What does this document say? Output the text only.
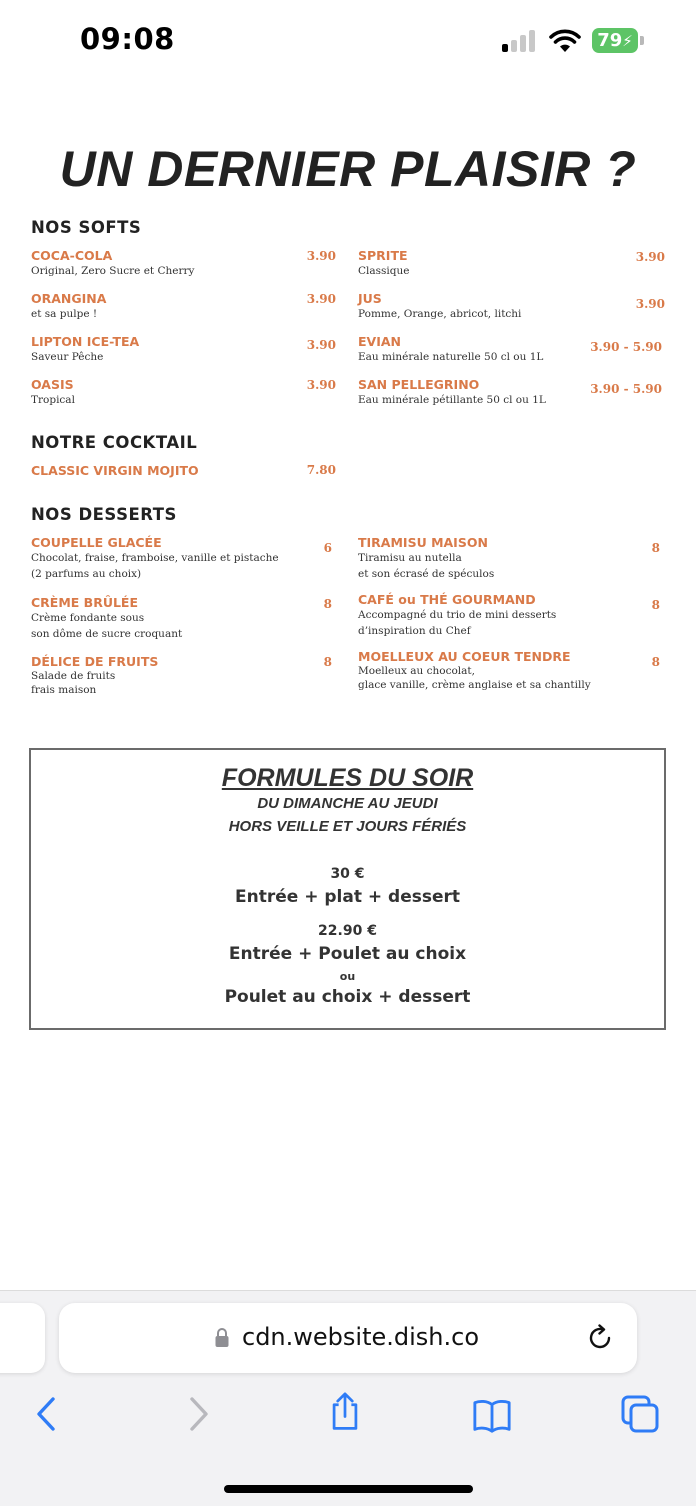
09:08	79⚡
UN DERNIER PLAISIR ?
NOS SOFTS
COCA-COLA
Original, Zero Sucre et Cherry
3.90
ORANGINA
et sa pulpe !
3.90
LIPTON ICE-TEA
Saveur Pêche
3.90
OASIS
Tropical
3.90
SPRITE
Classique
3.90
JUS
Pomme, Orange, abricot, litchi
3.90
EVIAN
Eau minérale naturelle 50 cl ou 1L
3.90 - 5.90
SAN PELLEGRINO
Eau minérale pétillante 50 cl ou 1L
3.90 - 5.90
NOTRE COCKTAIL
CLASSIC VIRGIN MOJITO	7.80
NOS DESSERTS
COUPELLE GLACÉE
Chocolat, fraise, framboise, vanille et pistache
(2 parfums au choix)
6
CRÈME BRÛLÉE
Crème fondante sous
son dôme de sucre croquant
8
DÉLICE DE FRUITS
Salade de fruits
frais maison
8
TIRAMISU MAISON
Tiramisu au nutella
et son écrasé de spéculos
8
CAFÉ ou THÉ GOURMAND
Accompagné du trio de mini desserts
d’inspiration du Chef
8
MOELLEUX AU COEUR TENDRE
Moelleux au chocolat,
glace vanille, crème anglaise et sa chantilly
8
FORMULES DU SOIR
DU DIMANCHE AU JEUDI
HORS VEILLE ET JOURS FÉRIÉS
30 €
Entrée + plat + dessert
22.90 €
Entrée + Poulet au choix
ou
Poulet au choix + dessert
cdn.website.dish.co
